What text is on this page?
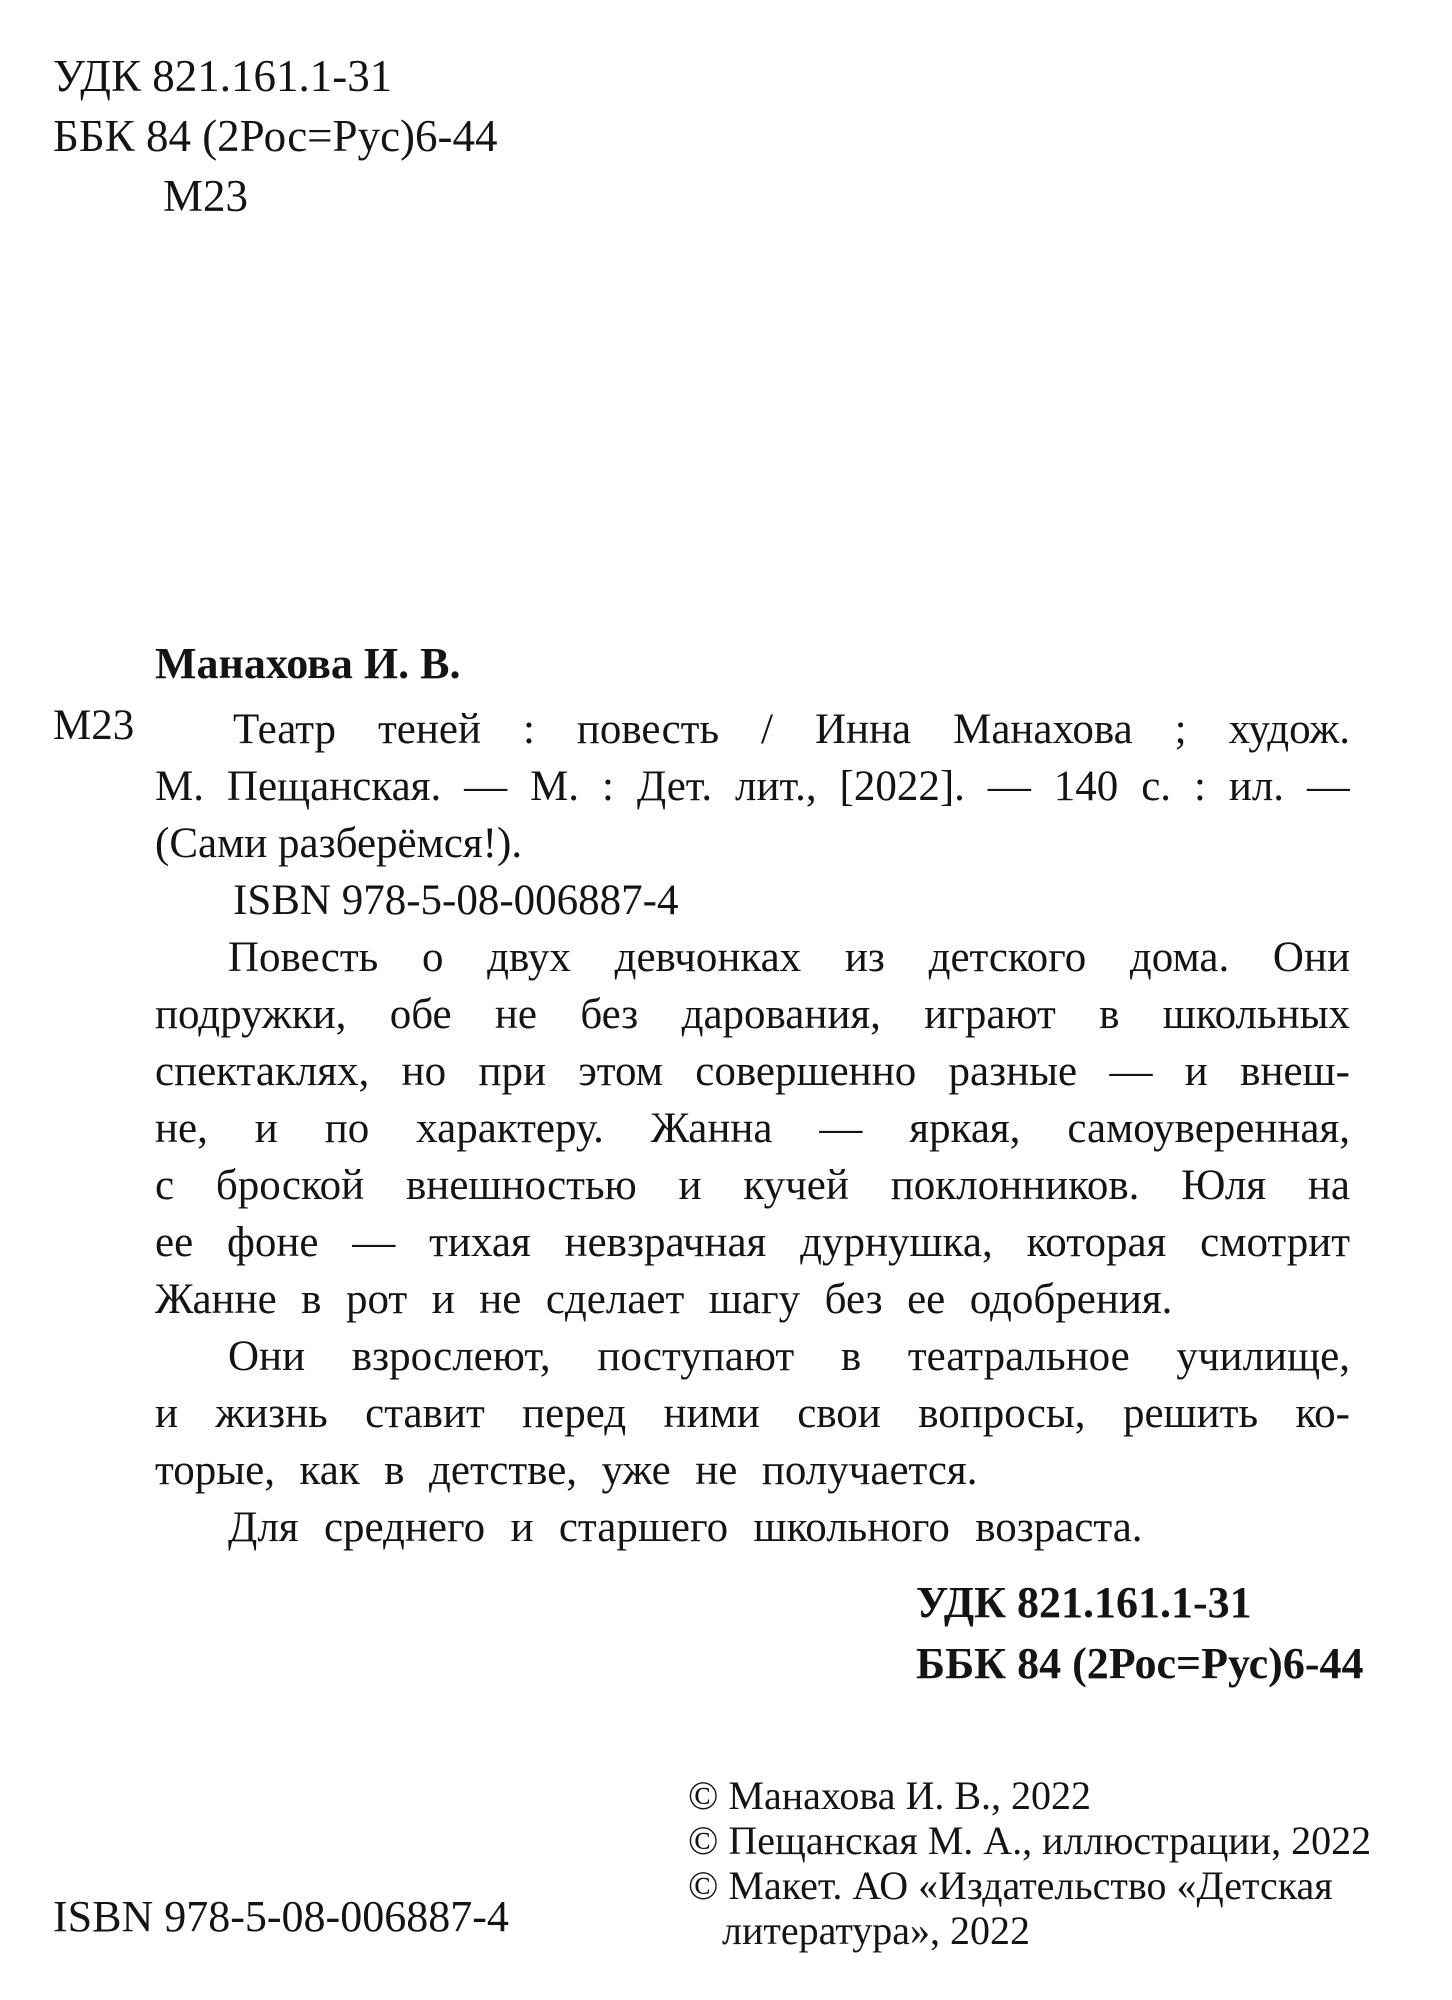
УДК 821.161.1-31
ББК 84 (2Рос=Рус)6-44
М23
Манахова И. В.
М23	Театр теней : повесть / Инна Манахова ; худож.
М. Пещанская. — М. : Дет. лит., [2022]. — 140 с. : ил. —
(Сами разберёмся!).
ISBN 978-5-08-006887-4
Повесть о двух девчонках из детского дома. Они
подружки, обе не без дарования, играют в школьных
спектаклях, но при этом совершенно разные — и внеш-
не, и по характеру. Жанна — яркая, самоуверенная,
с броской внешностью и кучей поклонников. Юля на
ее фоне — тихая невзрачная дурнушка, которая смотрит
Жанне в рот и не сделает шагу без ее одобрения.
Они взрослеют, поступают в театральное училище,
и жизнь ставит перед ними свои вопросы, решить ко-
торые, как в детстве, уже не получается.
Для среднего и старшего школьного возраста.
УДК 821.161.1-31
ББК 84 (2Рос=Рус)6-44
© Манахова И. В., 2022
© Пещанская М. А., иллюстрации, 2022
© Макет. АО «Издательство «Детская
литература», 2022
ISBN 978-5-08-006887-4
